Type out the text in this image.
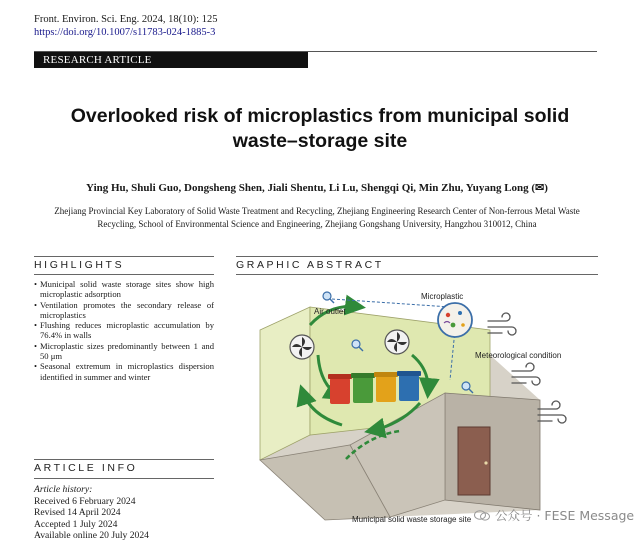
Front. Environ. Sci. Eng. 2024, 18(10): 125
https://doi.org/10.1007/s11783-024-1885-3
RESEARCH ARTICLE
Overlooked risk of microplastics from municipal solid
waste–storage site
Ying Hu, Shuli Guo, Dongsheng Shen, Jiali Shentu, Li Lu, Shengqi Qi, Min Zhu, Yuyang Long (✉)
Zhejiang Provincial Key Laboratory of Solid Waste Treatment and Recycling, Zhejiang Engineering Research Center of Non-ferrous Metal Waste
Recycling, School of Environmental Science and Engineering, Zhejiang Gongshang University, Hangzhou 310012, China
HIGHLIGHTS
• Municipal solid waste storage sites show high microplastic adsorption
• Ventilation promotes the secondary release of microplastics
• Flushing reduces microplastic accumulation by 76.4% in walls
• Microplastic sizes predominantly between 1 and 50 μm
• Seasonal extremum in microplastics dispersion identified in summer and winter
GRAPHIC ABSTRACT
ARTICLE INFO
Article history:
Received 6 February 2024
Revised 14 April 2024
Accepted 1 July 2024
Available online 20 July 2024
Air outlet
Microplastic
Meteorological condition
Municipal solid waste storage site	公众号 · FESE Message
